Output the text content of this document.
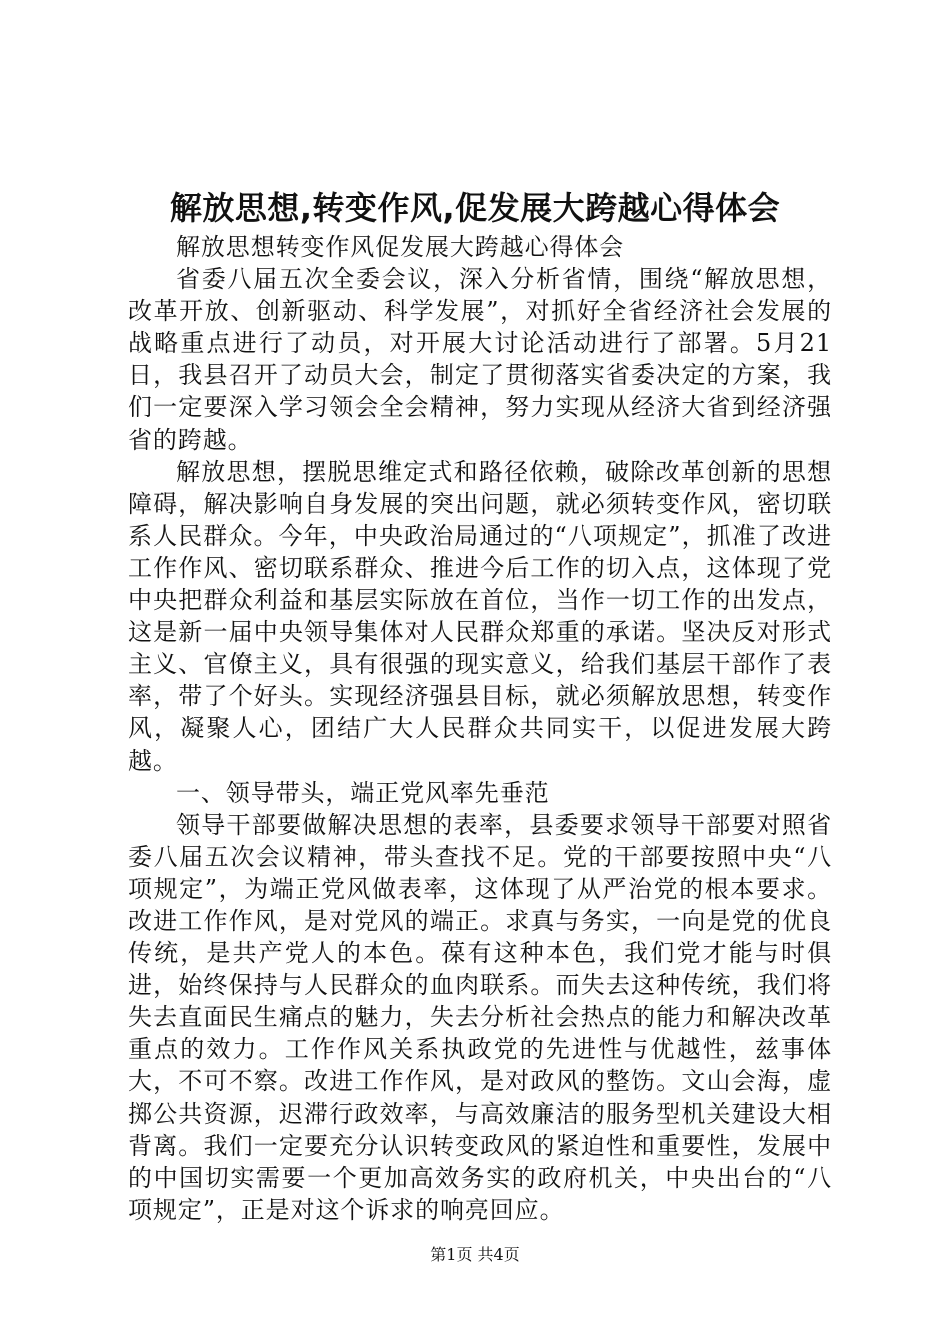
解放思想,转变作风,促发展大跨越心得体会

解放思想转变作风促发展大跨越心得体会

省委八届五次全委会议，深入分析省情，围绕“解放思想，改革开放、创新驱动、科学发展”，对抓好全省经济社会发展的战略重点进行了动员，对开展大讨论活动进行了部署。5月21日，我县召开了动员大会，制定了贯彻落实省委决定的方案，我们一定要深入学习领会全会精神，努力实现从经济大省到经济强省的跨越。

解放思想，摆脱思维定式和路径依赖，破除改革创新的思想障碍，解决影响自身发展的突出问题，就必须转变作风，密切联系人民群众。今年，中央政治局通过的“八项规定”，抓准了改进工作作风、密切联系群众、推进今后工作的切入点，这体现了党中央把群众利益和基层实际放在首位，当作一切工作的出发点，这是新一届中央领导集体对人民群众郑重的承诺。坚决反对形式主义、官僚主义，具有很强的现实意义，给我们基层干部作了表率，带了个好头。实现经济强县目标，就必须解放思想，转变作风，凝聚人心，团结广大人民群众共同实干，以促进发展大跨越。

一、领导带头，端正党风率先垂范

领导干部要做解决思想的表率，县委要求领导干部要对照省委八届五次会议精神，带头查找不足。党的干部要按照中央“八项规定”，为端正党风做表率，这体现了从严治党的根本要求。改进工作作风，是对党风的端正。求真与务实，一向是党的优良传统，是共产党人的本色。葆有这种本色，我们党才能与时俱进，始终保持与人民群众的血肉联系。而失去这种传统，我们将失去直面民生痛点的魅力，失去分析社会热点的能力和解决改革重点的效力。工作作风关系执政党的先进性与优越性，兹事体大，不可不察。改进工作作风，是对政风的整饬。文山会海，虚掷公共资源，迟滞行政效率，与高效廉洁的服务型机关建设大相背离。我们一定要充分认识转变政风的紧迫性和重要性，发展中的中国切实需要一个更加高效务实的政府机关，中央出台的“八项规定”，正是对这个诉求的响亮回应。

第1页 共4页
